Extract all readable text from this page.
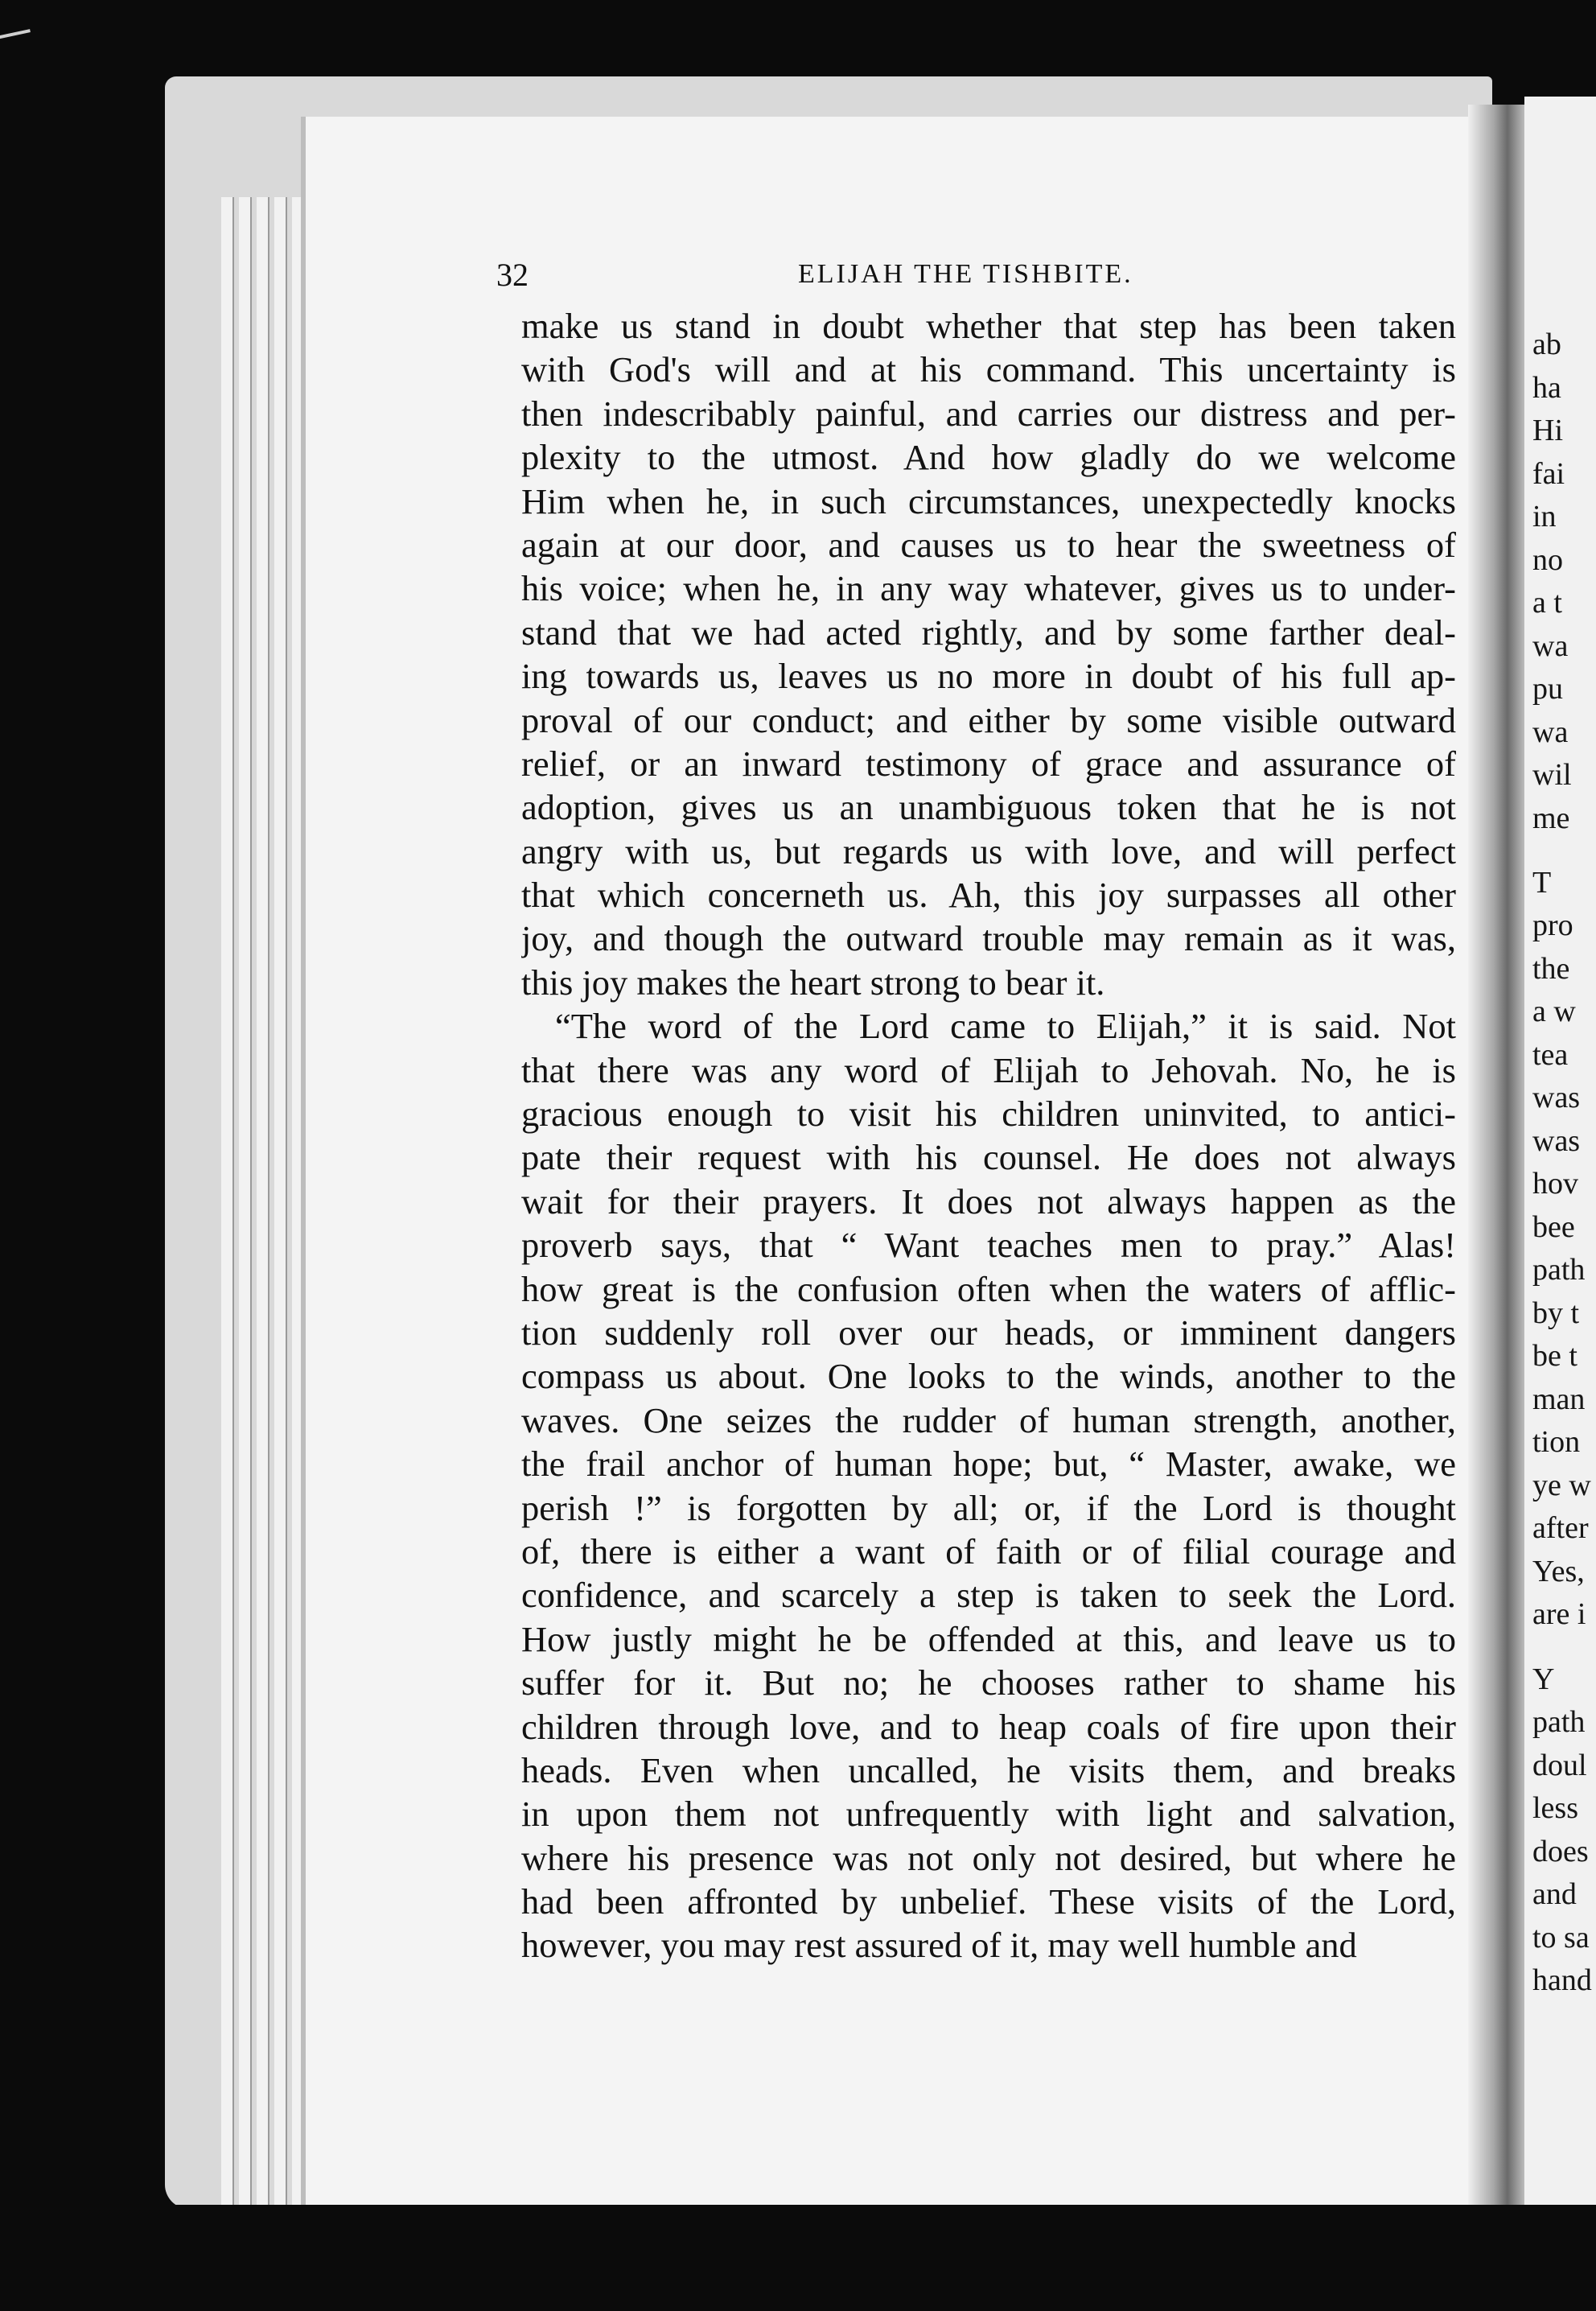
ab
ha
Hi
fai
in
no
a t
wa
pu
wa
wil
me
T
pro
the
a w
tea
was
was
hov
bee
path
by t
be t
man
tion
ye w
after
Yes,
are i
Y
path
doul
less
does
and
to sa
hand
32	ELIJAH THE TISHBITE.
make us stand in doubt whether that step has been taken
with God's will and at his command. This uncertainty is
then indescribably painful, and carries our distress and per-
plexity to the utmost. And how gladly do we welcome
Him when he, in such circumstances, unexpectedly knocks
again at our door, and causes us to hear the sweetness of
his voice; when he, in any way whatever, gives us to under-
stand that we had acted rightly, and by some farther deal-
ing towards us, leaves us no more in doubt of his full ap-
proval of our conduct; and either by some visible outward
relief, or an inward testimony of grace and assurance of
adoption, gives us an unambiguous token that he is not
angry with us, but regards us with love, and will perfect
that which concerneth us. Ah, this joy surpasses all other
joy, and though the outward trouble may remain as it was,
this joy makes the heart strong to bear it.
“The word of the Lord came to Elijah,” it is said. Not
that there was any word of Elijah to Jehovah. No, he is
gracious enough to visit his children uninvited, to antici-
pate their request with his counsel. He does not always
wait for their prayers. It does not always happen as the
proverb says, that “ Want teaches men to pray.” Alas!
how great is the confusion often when the waters of afflic-
tion suddenly roll over our heads, or imminent dangers
compass us about. One looks to the winds, another to the
waves. One seizes the rudder of human strength, another,
the frail anchor of human hope; but, “ Master, awake, we
perish !” is forgotten by all; or, if the Lord is thought
of, there is either a want of faith or of filial courage and
confidence, and scarcely a step is taken to seek the Lord.
How justly might he be offended at this, and leave us to
suffer for it. But no; he chooses rather to shame his
children through love, and to heap coals of fire upon their
heads. Even when uncalled, he visits them, and breaks
in upon them not unfrequently with light and salvation,
where his presence was not only not desired, but where he
had been affronted by unbelief. These visits of the Lord,
however, you may rest assured of it, may well humble and
